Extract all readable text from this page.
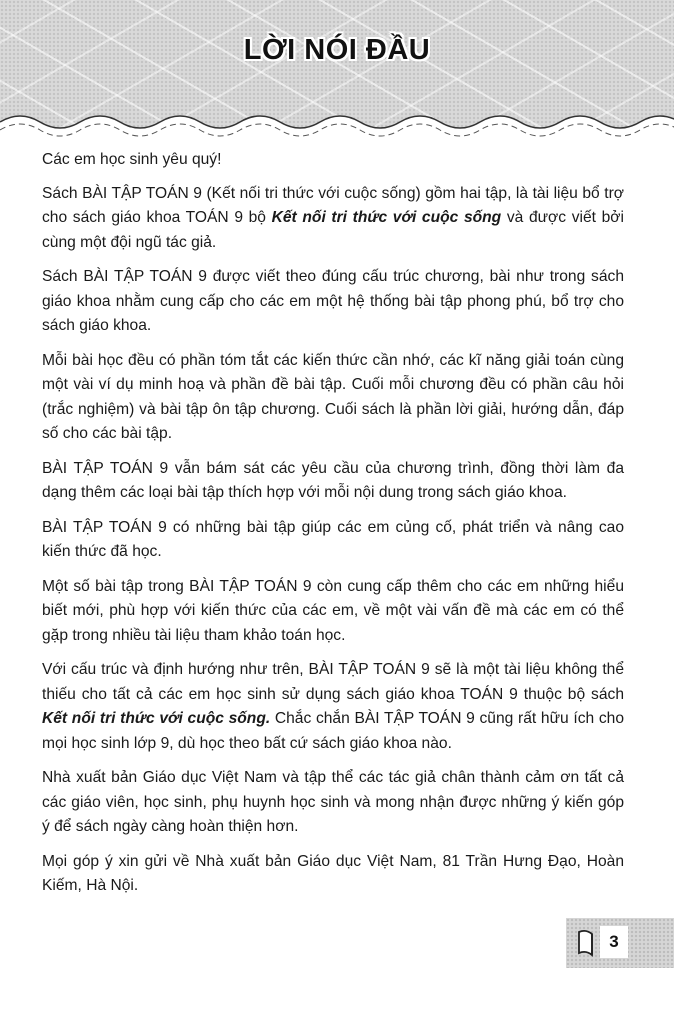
LỜI NÓI ĐẦU

Các em học sinh yêu quý!

Sách BÀI TẬP TOÁN 9 (Kết nối tri thức với cuộc sống) gồm hai tập, là tài liệu bổ trợ cho sách giáo khoa TOÁN 9 bộ Kết nối tri thức với cuộc sống và được viết bởi cùng một đội ngũ tác giả.

Sách BÀI TẬP TOÁN 9 được viết theo đúng cấu trúc chương, bài như trong sách giáo khoa nhằm cung cấp cho các em một hệ thống bài tập phong phú, bổ trợ cho sách giáo khoa.

Mỗi bài học đều có phần tóm tắt các kiến thức cần nhớ, các kĩ năng giải toán cùng một vài ví dụ minh hoạ và phần đề bài tập. Cuối mỗi chương đều có phần câu hỏi (trắc nghiệm) và bài tập ôn tập chương. Cuối sách là phần lời giải, hướng dẫn, đáp số cho các bài tập.

BÀI TẬP TOÁN 9 vẫn bám sát các yêu cầu của chương trình, đồng thời làm đa dạng thêm các loại bài tập thích hợp với mỗi nội dung trong sách giáo khoa.

BÀI TẬP TOÁN 9 có những bài tập giúp các em củng cố, phát triển và nâng cao kiến thức đã học.

Một số bài tập trong BÀI TẬP TOÁN 9 còn cung cấp thêm cho các em những hiểu biết mới, phù hợp với kiến thức của các em, về một vài vấn đề mà các em có thể gặp trong nhiều tài liệu tham khảo toán học.

Với cấu trúc và định hướng như trên, BÀI TẬP TOÁN 9 sẽ là một tài liệu không thể thiếu cho tất cả các em học sinh sử dụng sách giáo khoa TOÁN 9 thuộc bộ sách Kết nối tri thức với cuộc sống. Chắc chắn BÀI TẬP TOÁN 9 cũng rất hữu ích cho mọi học sinh lớp 9, dù học theo bất cứ sách giáo khoa nào.

Nhà xuất bản Giáo dục Việt Nam và tập thể các tác giả chân thành cảm ơn tất cả các giáo viên, học sinh, phụ huynh học sinh và mong nhận được những ý kiến góp ý để sách ngày càng hoàn thiện hơn.

Mọi góp ý xin gửi về Nhà xuất bản Giáo dục Việt Nam, 81 Trần Hưng Đạo, Hoàn Kiếm, Hà Nội.

3
